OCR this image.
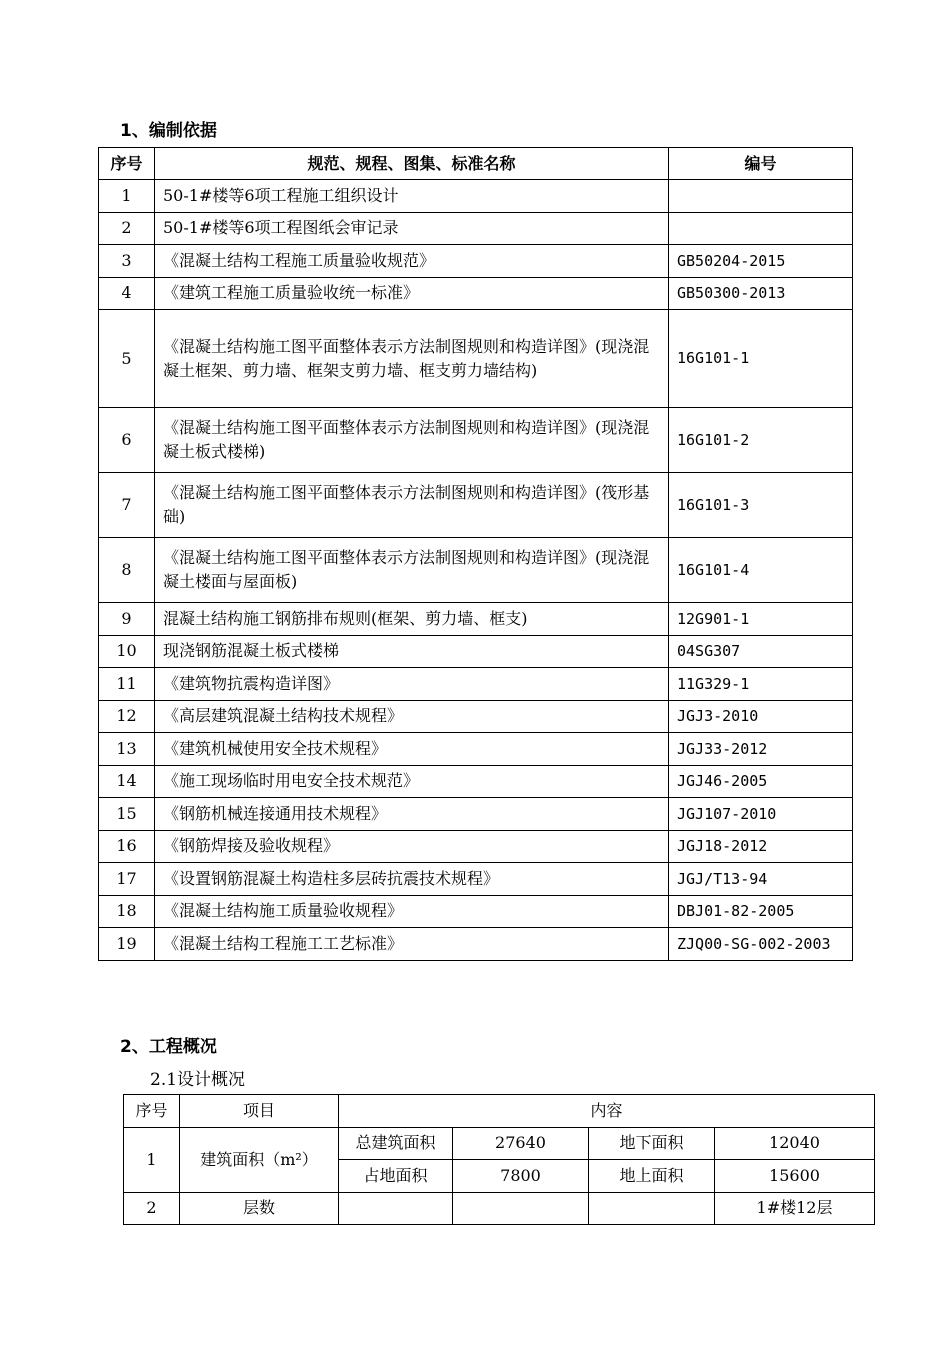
1、编制依据
序号	规范、规程、图集、标准名称	编号
1	50-1#楼等6项工程施工组织设计	
2	50-1#楼等6项工程图纸会审记录	
3	《混凝土结构工程施工质量验收规范》	GB50204-2015
4	《建筑工程施工质量验收统一标准》	GB50300-2013
5	《混凝土结构施工图平面整体表示方法制图规则和构造详图》(现浇混凝土框架、剪力墙、框架支剪力墙、框支剪力墙结构)	16G101-1
6	《混凝土结构施工图平面整体表示方法制图规则和构造详图》(现浇混凝土板式楼梯)	16G101-2
7	《混凝土结构施工图平面整体表示方法制图规则和构造详图》(筏形基础)	16G101-3
8	《混凝土结构施工图平面整体表示方法制图规则和构造详图》(现浇混凝土楼面与屋面板)	16G101-4
9	混凝土结构施工钢筋排布规则(框架、剪力墙、框支)	12G901-1
10	现浇钢筋混凝土板式楼梯	04SG307
11	《建筑物抗震构造详图》	11G329-1
12	《高层建筑混凝土结构技术规程》	JGJ3-2010
13	《建筑机械使用安全技术规程》	JGJ33-2012
14	《施工现场临时用电安全技术规范》	JGJ46-2005
15	《钢筋机械连接通用技术规程》	JGJ107-2010
16	《钢筋焊接及验收规程》	JGJ18-2012
17	《设置钢筋混凝土构造柱多层砖抗震技术规程》	JGJ/T13-94
18	《混凝土结构施工质量验收规程》	DBJ01-82-2005
19	《混凝土结构工程施工工艺标准》	ZJQ00-SG-002-2003
2、工程概况
2.1设计概况
序号	项目	内容			
1	建筑面积（m²）	总建筑面积	27640	地下面积	12040
		占地面积	7800	地上面积	15600
2	层数				1#楼12层
